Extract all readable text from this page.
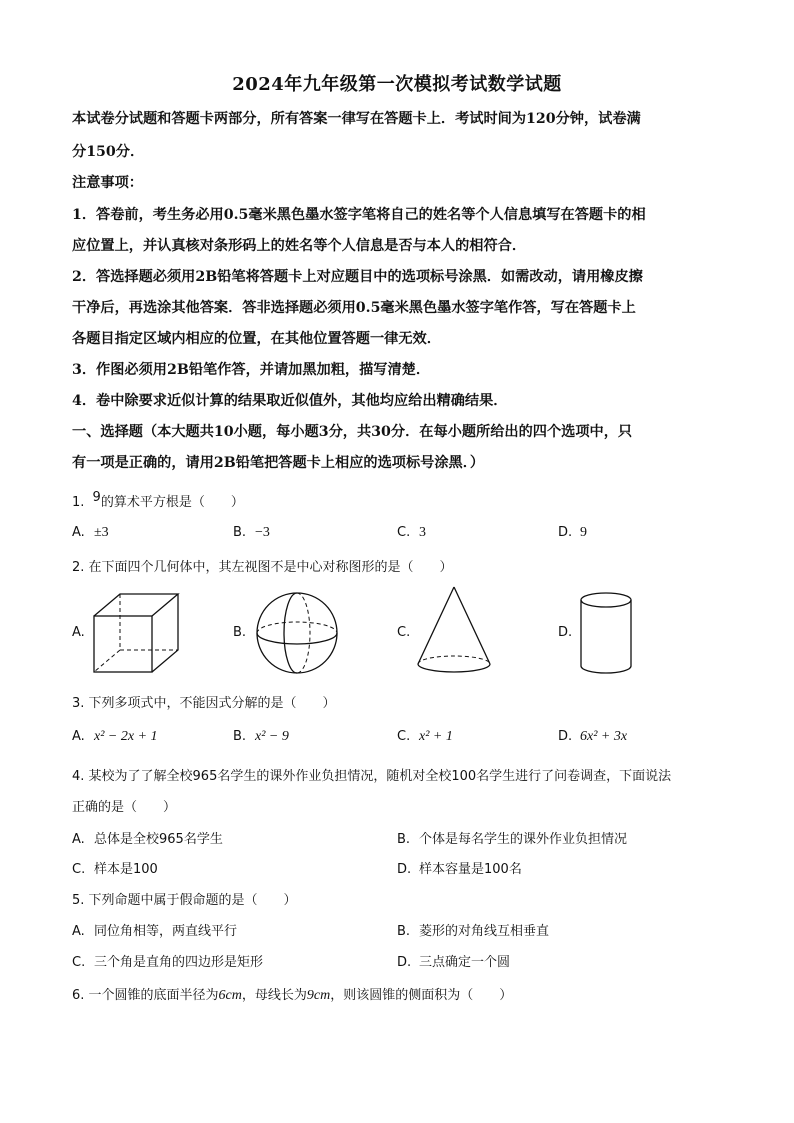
2024年九年级第一次模拟考试数学试题
本试卷分试题和答题卡两部分，所有答案一律写在答题卡上．考试时间为120分钟，试卷满
分150分．
注意事项：
1．答卷前，考生务必用0.5毫米黑色墨水签字笔将自己的姓名等个人信息填写在答题卡的相
应位置上，并认真核对条形码上的姓名等个人信息是否与本人的相符合．
2．答选择题必须用2B铅笔将答题卡上对应题目中的选项标号涂黑．如需改动，请用橡皮擦
干净后，再选涂其他答案．答非选择题必须用0.5毫米黑色墨水签字笔作答，写在答题卡上
各题目指定区域内相应的位置，在其他位置答题一律无效．
3．作图必须用2B铅笔作答，并请加黑加粗，描写清楚．
4．卷中除要求近似计算的结果取近似值外，其他均应给出精确结果．
一、选择题（本大题共10小题，每小题3分，共30分．在每小题所给出的四个选项中，只
有一项是正确的，请用2B铅笔把答题卡上相应的选项标号涂黑．）
1. 9的算术平方根是（　　）
A. ±3	B. −3	C. 3	D. 9
2. 在下面四个几何体中，其左视图不是中心对称图形的是（　　）
A.	B.	C.	D.
3. 下列多项式中，不能因式分解的是（　　）
A. x² − 2x + 1	B. x² − 9	C. x² + 1	D. 6x² + 3x
4. 某校为了了解全校965名学生的课外作业负担情况，随机对全校100名学生进行了问卷调查，下面说法
正确的是（　　）
A. 总体是全校965名学生	B. 个体是每名学生的课外作业负担情况
C. 样本是100	D. 样本容量是100名
5. 下列命题中属于假命题的是（　　）
A. 同位角相等，两直线平行	B. 菱形的对角线互相垂直
C. 三个角是直角的四边形是矩形	D. 三点确定一个圆
6. 一个圆锥的底面半径为6cm，母线长为9cm，则该圆锥的侧面积为（　　）
